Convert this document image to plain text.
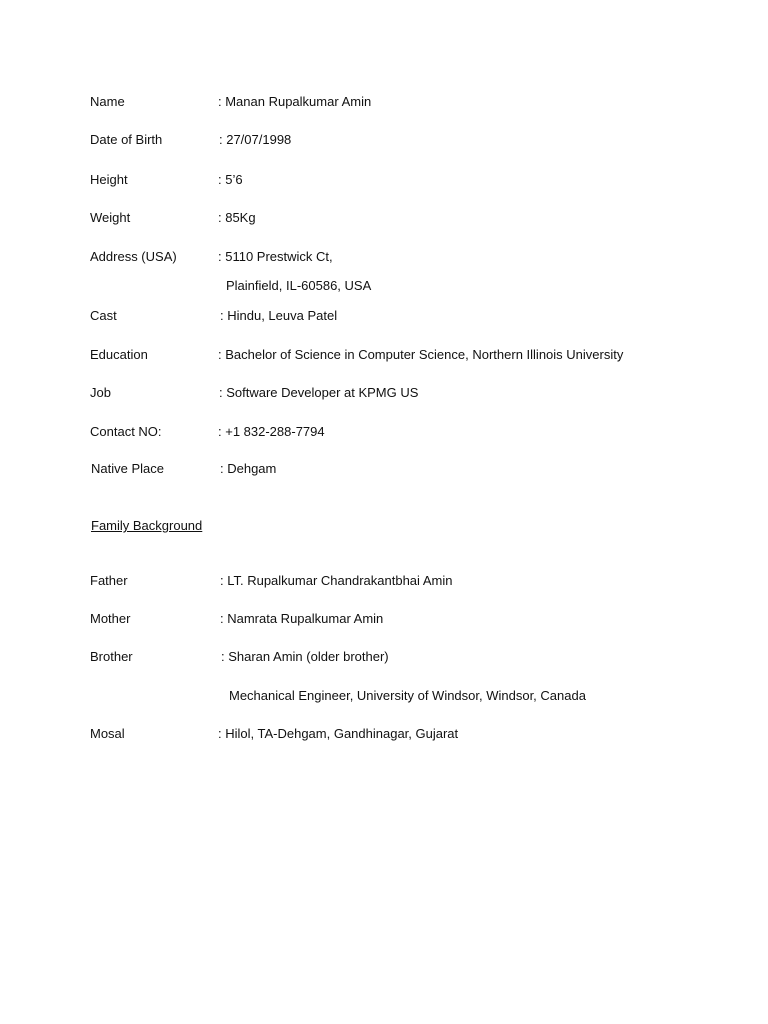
Name	: Manan Rupalkumar Amin
Date of Birth	: 27/07/1998
Height	: 5’6
Weight	: 85Kg
Address (USA)	: 5110 Prestwick Ct,
Plainfield, IL-60586, USA
Cast	: Hindu, Leuva Patel
Education	: Bachelor of Science in Computer Science, Northern Illinois University
Job	: Software Developer at KPMG US
Contact NO:	: +1 832-288-7794
Native Place	: Dehgam
Family Background
Father	: LT. Rupalkumar Chandrakantbhai Amin
Mother	: Namrata Rupalkumar Amin
Brother	: Sharan Amin (older brother)
Mechanical Engineer, University of Windsor, Windsor, Canada
Mosal	: Hilol, TA-Dehgam, Gandhinagar, Gujarat
